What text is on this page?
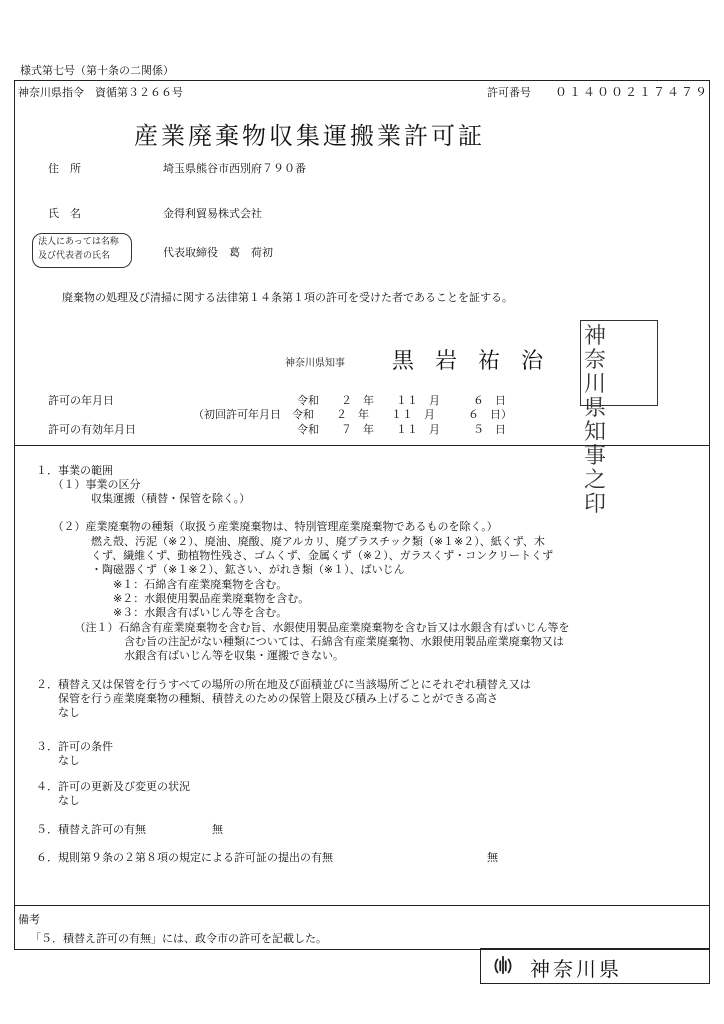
様式第七号（第十条の二関係）
神奈川県指令　資循第３２６６号	許可番号 ０１４００２１７４７９
産業廃棄物収集運搬業許可証
住　所	埼玉県熊谷市西別府７９０番
氏　名	金得利貿易株式会社
法人にあっては名称
及び代表者の氏名	代表取締役　葛　荷初
廃棄物の処理及び清掃に関する法律第１４条第１項の許可を受けた者であることを証する。
神奈川県知事 黒岩祐治
神奈川県知事之印
許可の年月日	令和　　２　年　　１１　月　　　６　日
（初回許可年月日　令和　　２　年　　１１　月　　　６　日）
許可の有効年月日	令和　　７　年　　１１　月　　　５　日
１．事業の範囲
　　（１）事業の区分
　　　　　収集運搬（積替・保管を除く。）
　　（２）産業廃棄物の種類（取扱う産業廃棄物は、特別管理産業廃棄物であるものを除く。）
　　　　　燃え殻、汚泥（※２）、廃油、廃酸、廃アルカリ、廃プラスチック類（※１※２）、紙くず、木
　　　　　くず、繊維くず、動植物性残さ、ゴムくず、金属くず（※２）、ガラスくず・コンクリートくず
　　　　　・陶磁器くず（※１※２）、鉱さい、がれき類（※１）、ばいじん
　　　　　　　※１：石綿含有産業廃棄物を含む。
　　　　　　　※２：水銀使用製品産業廃棄物を含む。
　　　　　　　※３：水銀含有ばいじん等を含む。
　　　　（注１）石綿含有産業廃棄物を含む旨、水銀使用製品産業廃棄物を含む旨又は水銀含有ばいじん等を
　　　　　　　　含む旨の注記がない種類については、石綿含有産業廃棄物、水銀使用製品産業廃棄物又は
　　　　　　　　水銀含有ばいじん等を収集・運搬できない。
２．積替え又は保管を行うすべての場所の所在地及び面積並びに当該場所ごとにそれぞれ積替え又は
　　保管を行う産業廃棄物の種類、積替えのための保管上限及び積み上げることができる高さ
　　なし
３．許可の条件
　　なし
４．許可の更新及び変更の状況
　　なし
５．積替え許可の有無　　　　　　無
６．規則第９条の２第８項の規定による許可証の提出の有無　　　　　　　　　　　　　　無
備考
「５．積替え許可の有無」には、政令市の許可を記載した。
神奈川県
